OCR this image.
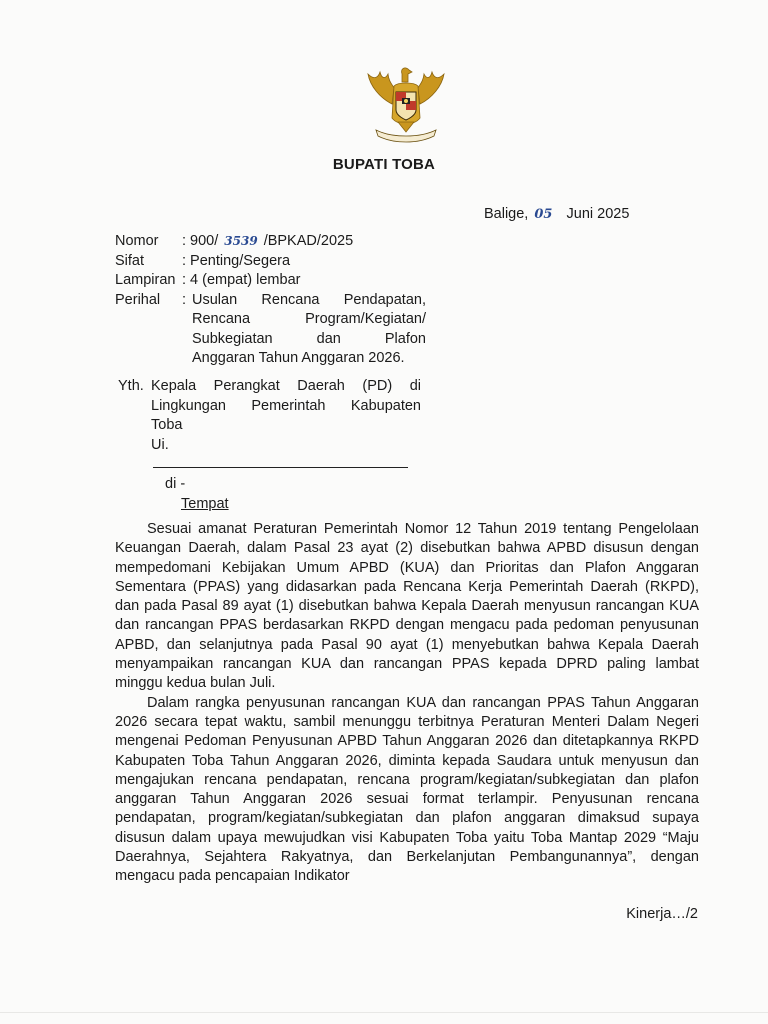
BUPATI TOBA
Balige, 05 Juni 2025
Nomor	: 900/ 3539 /BPKAD/2025
Sifat	: Penting/Segera
Lampiran : 4 (empat) lembar
Perihal	: Usulan Rencana Pendapatan,
Rencana Program/Kegiatan/
Subkegiatan dan Plafon
Anggaran Tahun Anggaran 2026.
Yth. Kepala Perangkat Daerah (PD) di
Lingkungan Pemerintah Kabupaten
Toba
Ui.
di -
Tempat

Sesuai amanat Peraturan Pemerintah Nomor 12 Tahun 2019 tentang Pengelolaan Keuangan Daerah, dalam Pasal 23 ayat (2) disebutkan bahwa APBD disusun dengan mempedomani Kebijakan Umum APBD (KUA) dan Prioritas dan Plafon Anggaran Sementara (PPAS) yang didasarkan pada Rencana Kerja Pemerintah Daerah (RKPD), dan pada Pasal 89 ayat (1) disebutkan bahwa Kepala Daerah menyusun rancangan KUA dan rancangan PPAS berdasarkan RKPD dengan mengacu pada pedoman penyusunan APBD, dan selanjutnya pada Pasal 90 ayat (1) menyebutkan bahwa Kepala Daerah menyampaikan rancangan KUA dan rancangan PPAS kepada DPRD paling lambat minggu kedua bulan Juli.

Dalam rangka penyusunan rancangan KUA dan rancangan PPAS Tahun Anggaran 2026 secara tepat waktu, sambil menunggu terbitnya Peraturan Menteri Dalam Negeri mengenai Pedoman Penyusunan APBD Tahun Anggaran 2026 dan ditetapkannya RKPD Kabupaten Toba Tahun Anggaran 2026, diminta kepada Saudara untuk menyusun dan mengajukan rencana pendapatan, rencana program/kegiatan/subkegiatan dan plafon anggaran Tahun Anggaran 2026 sesuai format terlampir. Penyusunan rencana pendapatan, program/kegiatan/subkegiatan dan plafon anggaran dimaksud supaya disusun dalam upaya mewujudkan visi Kabupaten Toba yaitu Toba Mantap 2029 “Maju Daerahnya, Sejahtera Rakyatnya, dan Berkelanjutan Pembangunannya”, dengan mengacu pada pencapaian Indikator

Kinerja…/2
